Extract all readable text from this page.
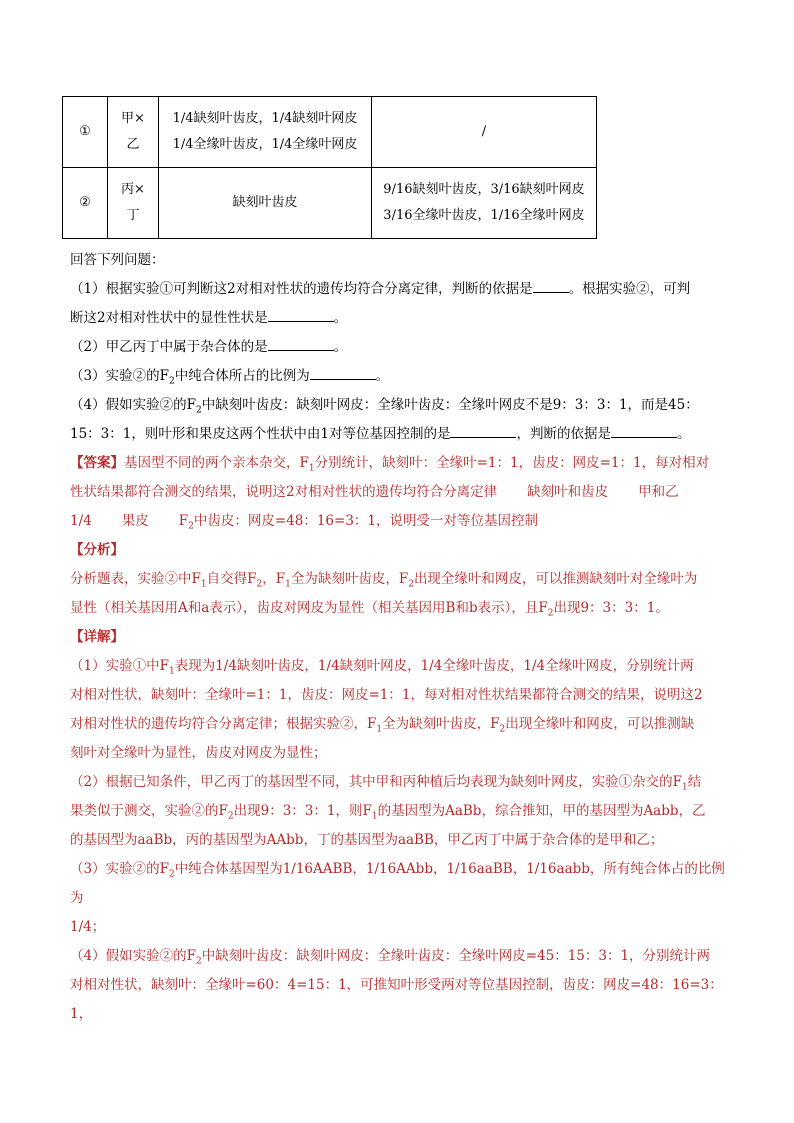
①	甲×乙	1/4缺刻叶齿皮，1/4缺刻叶网皮
1/4全缘叶齿皮，1/4全缘叶网皮	/

②	丙×丁	缺刻叶齿皮	9/16缺刻叶齿皮，3/16缺刻叶网皮
3/16全缘叶齿皮，1/16全缘叶网皮

回答下列问题：

（1）根据实验①可判断这2对相对性状的遗传均符合分离定律，判断的依据是	。根据实验②，可判

断这2对相对性状中的显性性状是	。

（2）甲乙丙丁中属于杂合体的是	。

（3）实验②的$F_2$中纯合体所占的比例为	。

（4）假如实验②的$F_2$中缺刻叶齿皮：缺刻叶网皮：全缘叶齿皮：全缘叶网皮不是9：3：3：1，而是45：

15：3：1，则叶形和果皮这两个性状中由1对等位基因控制的是	，判断的依据是	。

【答案】基因型不同的两个亲本杂交，$F_1$分别统计，缺刻叶：全缘叶=1：1，齿皮：网皮=1：1，每对相对

性状结果都符合测交的结果，说明这2对相对性状的遗传均符合分离定律 缺刻叶和齿皮 甲和乙

1/4 果皮 $F_2$中齿皮：网皮=48：16=3：1，说明受一对等位基因控制

【分析】

分析题表，实验②中$F_1$自交得$F_2$，$F_1$全为缺刻叶齿皮，$F_2$出现全缘叶和网皮，可以推测缺刻叶对全缘叶为

显性（相关基因用A和a表示），齿皮对网皮为显性（相关基因用B和b表示），且$F_2$出现9：3：3：1。

【详解】

（1）实验①中$F_1$表现为1/4缺刻叶齿皮，1/4缺刻叶网皮，1/4全缘叶齿皮，1/4全缘叶网皮，分别统计两

对相对性状，缺刻叶：全缘叶=1：1，齿皮：网皮=1：1，每对相对性状结果都符合测交的结果，说明这2

对相对性状的遗传均符合分离定律；根据实验②，$F_1$全为缺刻叶齿皮，$F_2$出现全缘叶和网皮，可以推测缺

刻叶对全缘叶为显性，齿皮对网皮为显性；

（2）根据已知条件，甲乙丙丁的基因型不同，其中甲和丙种植后均表现为缺刻叶网皮，实验①杂交的$F_1$结

果类似于测交，实验②的$F_2$出现9：3：3：1，则$F_1$的基因型为AaBb，综合推知，甲的基因型为Aabb，乙

的基因型为aaBb，丙的基因型为AAbb，丁的基因型为aaBB，甲乙丙丁中属于杂合体的是甲和乙；

（3）实验②的$F_2$中纯合体基因型为1/16AABB，1/16AAbb，1/16aaBB，1/16aabb，所有纯合体占的比例为

1/4；

（4）假如实验②的$F_2$中缺刻叶齿皮：缺刻叶网皮：全缘叶齿皮：全缘叶网皮=45：15：3：1，分别统计两

对相对性状，缺刻叶：全缘叶=60：4=15：1，可推知叶形受两对等位基因控制，齿皮：网皮=48：16=3：1，
